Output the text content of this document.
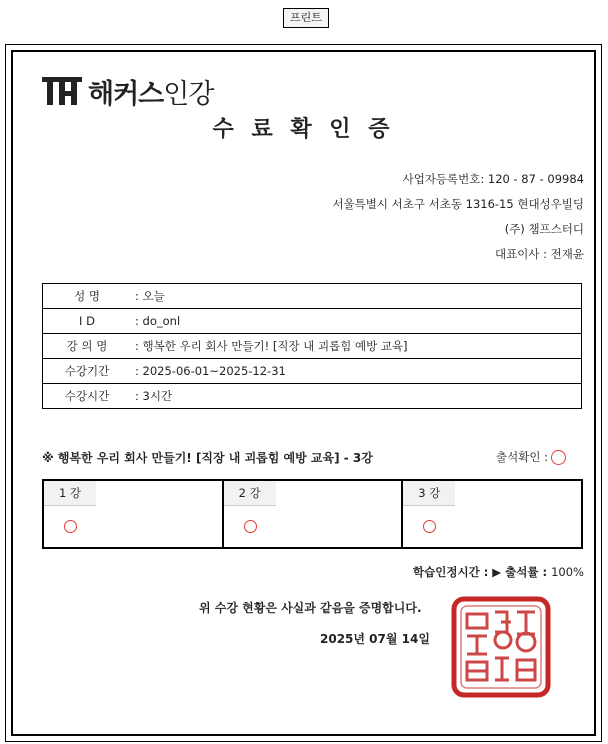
프린트
해커스인강
수 료 확 인 증
사업자등록번호: 120 - 87 - 09984
서울특별시 서초구 서초동 1316-15 현대성우빌딩
(주) 챔프스터디
대표이사 : 전재윤
성 명	: 오늘
I D	: do_onl
강 의 명	: 행복한 우리 회사 만들기! [직장 내 괴롭힘 예방 교육]
수강기간	: 2025-06-01~2025-12-31
수강시간	: 3시간
※ 행복한 우리 회사 만들기! [직장 내 괴롭힘 예방 교육] - 3강	출석확인 :
1 강	2 강	3 강
학습인정시간 : ▶ 출석률 : 100%
위 수강 현황은 사실과 같음을 증명합니다.
2025년 07월 14일
